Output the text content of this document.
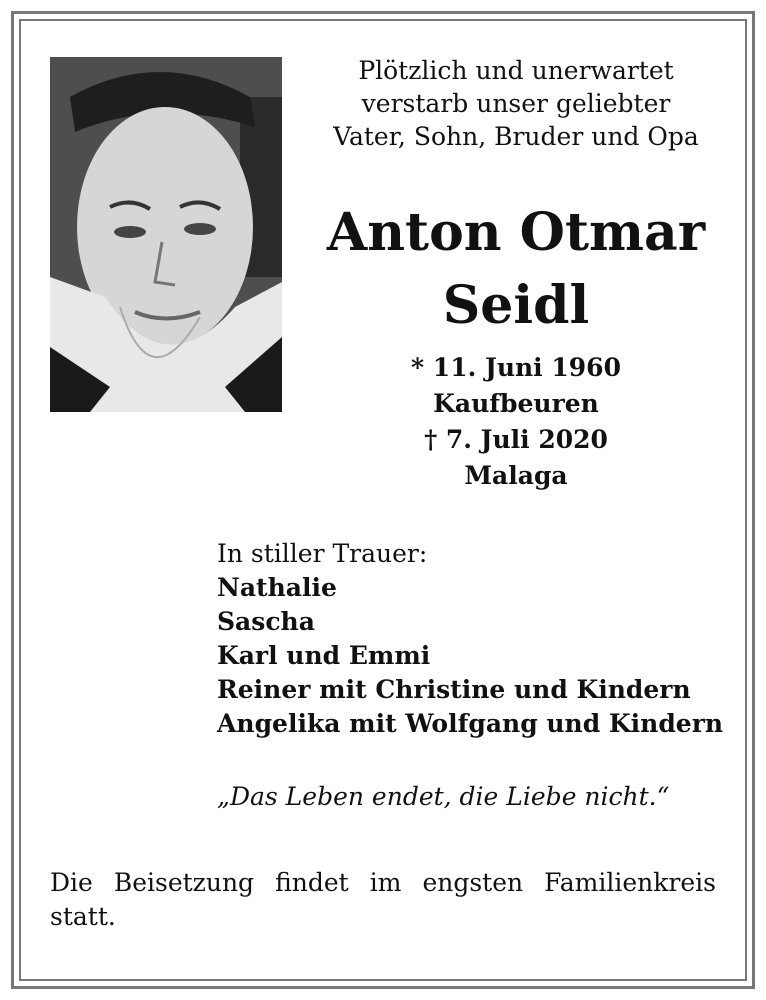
Plötzlich und unerwartet
verstarb unser geliebter
Vater, Sohn, Bruder und Opa
Anton Otmar
Seidl
* 11. Juni 1960
Kaufbeuren
† 7. Juli 2020
Malaga
In stiller Trauer:
Nathalie
Sascha
Karl und Emmi
Reiner mit Christine und Kindern
Angelika mit Wolfgang und Kindern
„Das Leben endet, die Liebe nicht.“
Die Beisetzung findet im engsten Familienkreis statt.
